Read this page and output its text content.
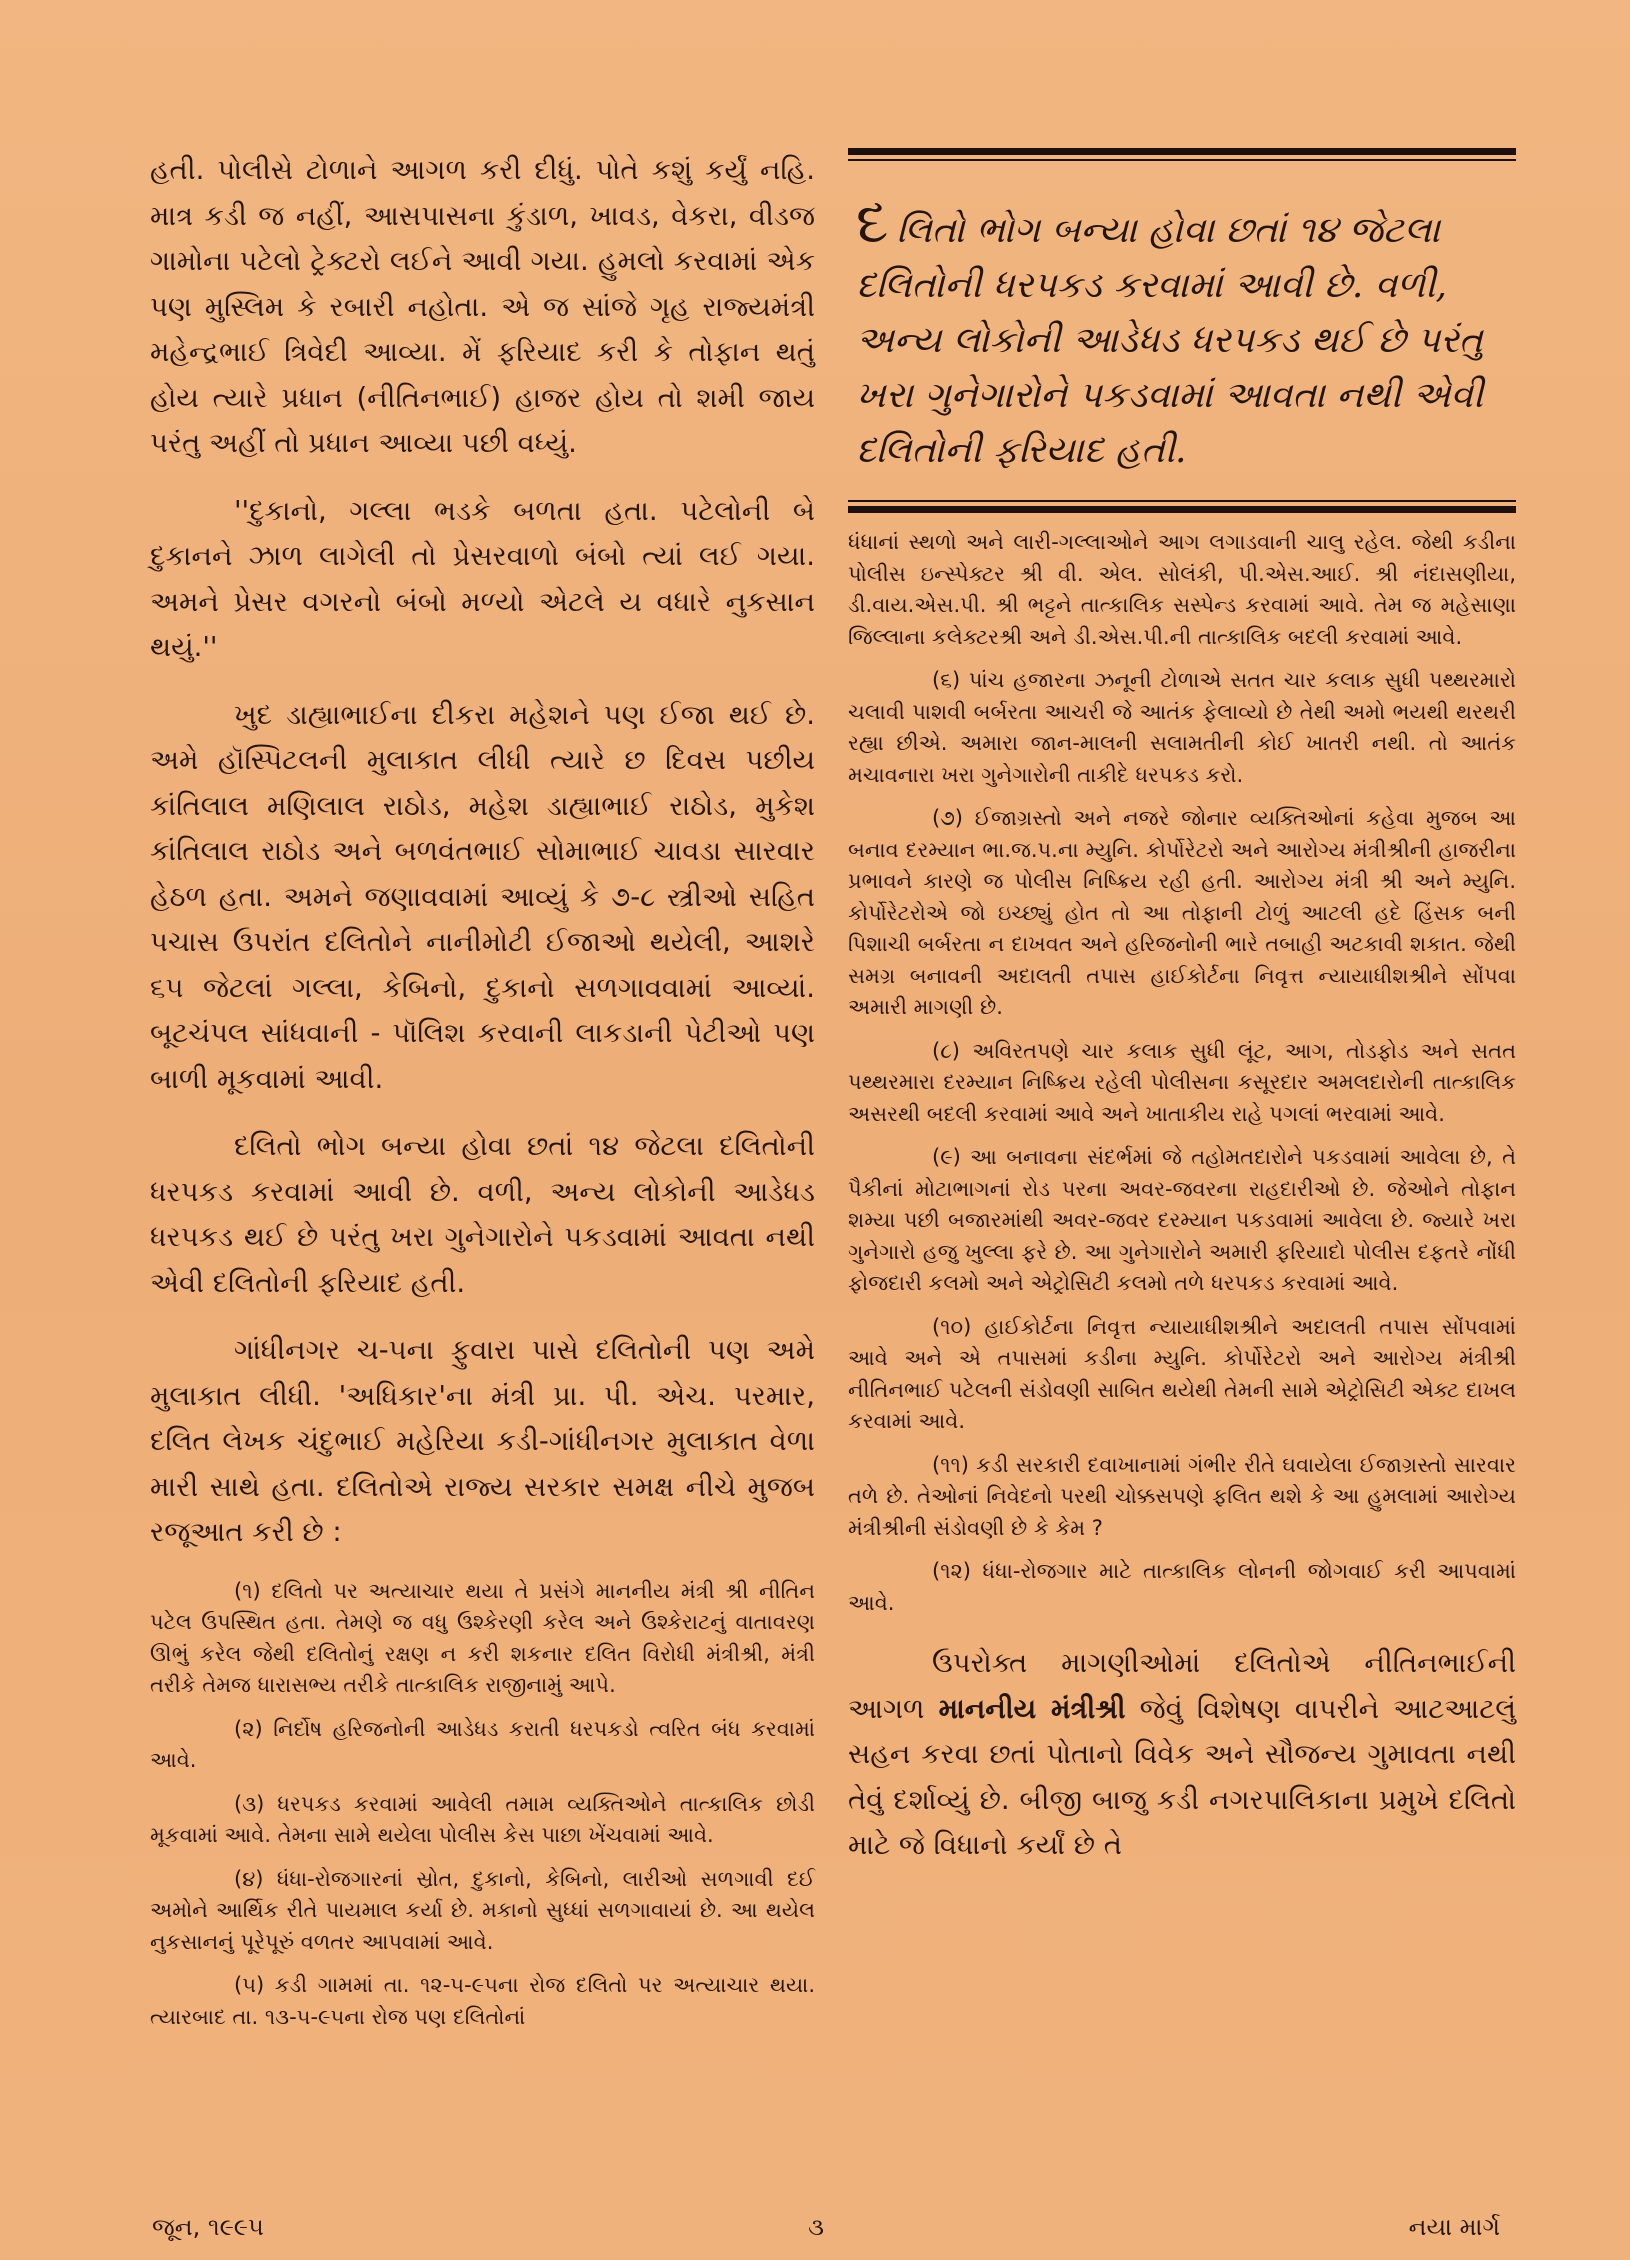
હતી. પોલીસે ટોળાને આગળ કરી દીધું. પોતે કશું કર્યું નહિ. માત્ર કડી જ નહીં, આસપાસના કુંડાળ, ખાવડ, વેકરા, વીડજ ગામોના પટેલો ટ્રેક્ટરો લઈને આવી ગયા. હુમલો કરવામાં એક પણ મુસ્લિમ કે રબારી નહોતા. એ જ સાંજે ગૃહ રાજ્યમંત્રી મહેન્દ્રભાઈ ત્રિવેદી આવ્યા. મેં ફરિયાદ કરી કે તોફાન થતું હોય ત્યારે પ્રધાન (નીતિનભાઈ) હાજર હોય તો શમી જાય પરંતુ અહીં તો પ્રધાન આવ્યા પછી વધ્યું.

''દુકાનો, ગલ્લા ભડકે બળતા હતા. પટેલોની બે દુકાનને ઝાળ લાગેલી તો પ્રેસરવાળો બંબો ત્યાં લઈ ગયા. અમને પ્રેસર વગરનો બંબો મળ્યો એટલે ય વધારે નુકસાન થયું.''

ખુદ ડાહ્યાભાઈના દીકરા મહેશને પણ ઈજા થઈ છે. અમે હૉસ્પિટલની મુલાકાત લીધી ત્યારે છ દિવસ પછીય કાંતિલાલ મણિલાલ રાઠોડ, મહેશ ડાહ્યાભાઈ રાઠોડ, મુકેશ કાંતિલાલ રાઠોડ અને બળવંતભાઈ સોમાભાઈ ચાવડા સારવાર હેઠળ હતા. અમને જણાવવામાં આવ્યું કે ૭-૮ સ્ત્રીઓ સહિત પચાસ ઉપરાંત દલિતોને નાનીમોટી ઈજાઓ થયેલી, આશરે ૬૫ જેટલાં ગલ્લા, કેબિનો, દુકાનો સળગાવવામાં આવ્યાં. બૂટચંપલ સાંધવાની - પૉલિશ કરવાની લાકડાની પેટીઓ પણ બાળી મૂકવામાં આવી.

દલિતો ભોગ બન્યા હોવા છતાં ૧૪ જેટલા દલિતોની ધરપકડ કરવામાં આવી છે. વળી, અન્ય લોકોની આડેધડ ધરપકડ થઈ છે પરંતુ ખરા ગુનેગારોને પકડવામાં આવતા નથી એવી દલિતોની ફરિયાદ હતી.

ગાંધીનગર ચ-૫ના ફુવારા પાસે દલિતોની પણ અમે મુલાકાત લીધી. 'અધિકાર'ના મંત્રી પ્રા. પી. એચ. પરમાર, દલિત લેખક ચંદુભાઈ મહેરિયા કડી-ગાંધીનગર મુલાકાત વેળા મારી સાથે હતા. દલિતોએ રાજ્ય સરકાર સમક્ષ નીચે મુજબ રજૂઆત કરી છે :

(૧) દલિતો પર અત્યાચાર થયા તે પ્રસંગે માનનીય મંત્રી શ્રી નીતિન પટેલ ઉપસ્થિત હતા. તેમણે જ વધુ ઉશ્કેરણી કરેલ અને ઉશ્કેરાટનું વાતાવરણ ઊભું કરેલ જેથી દલિતોનું રક્ષણ ન કરી શકનાર દલિત વિરોધી મંત્રીશ્રી, મંત્રી તરીકે તેમજ ધારાસભ્ય તરીકે તાત્કાલિક રાજીનામું આપે.

(૨) નિર્દોષ હરિજનોની આડેધડ કરાતી ધરપકડો ત્વરિત બંધ કરવામાં આવે.

(૩) ધરપકડ કરવામાં આવેલી તમામ વ્યક્તિઓને તાત્કાલિક છોડી મૂકવામાં આવે. તેમના સામે થયેલા પોલીસ કેસ પાછા ખેંચવામાં આવે.

(૪) ધંધા-રોજગારનાં સ્રોત, દુકાનો, કેબિનો, લારીઓ સળગાવી દઈ અમોને આર્થિક રીતે પાયમાલ કર્યા છે. મકાનો સુધ્ધાં સળગાવાયાં છે. આ થયેલ નુકસાનનું પૂરેપૂરું વળતર આપવામાં આવે.

(૫) કડી ગામમાં તા. ૧૨-૫-૯૫ના રોજ દલિતો પર અત્યાચાર થયા. ત્યારબાદ તા. ૧૩-૫-૯૫ના રોજ પણ દલિતોનાં

દલિતો ભોગ બન્યા હોવા છતાં ૧૪ જેટલા દલિતોની ધરપકડ કરવામાં આવી છે. વળી, અન્ય લોકોની આડેધડ ધરપકડ થઈ છે પરંતુ ખરા ગુનેગારોને પકડવામાં આવતા નથી એવી દલિતોની ફરિયાદ હતી.

ધંધાનાં સ્થળો અને લારી-ગલ્લાઓને આગ લગાડવાની ચાલુ રહેલ. જેથી કડીના પોલીસ ઇન્સ્પેક્ટર શ્રી વી. એલ. સોલંકી, પી.એસ.આઈ. શ્રી નંદાસણીયા, ડી.વાય.એસ.પી. શ્રી ભટ્ટને તાત્કાલિક સસ્પેન્ડ કરવામાં આવે. તેમ જ મહેસાણા જિલ્લાના કલેક્ટરશ્રી અને ડી.એસ.પી.ની તાત્કાલિક બદલી કરવામાં આવે.

(૬) પાંચ હજારના ઝનૂની ટોળાએ સતત ચાર કલાક સુધી પથ્થરમારો ચલાવી પાશવી બર્બરતા આચરી જે આતંક ફેલાવ્યો છે તેથી અમો ભયથી થરથરી રહ્યા છીએ. અમારા જાન-માલની સલામતીની કોઈ ખાતરી નથી. તો આતંક મચાવનારા ખરા ગુનેગારોની તાકીદે ધરપકડ કરો.

(૭) ઈજાગ્રસ્તો અને નજરે જોનાર વ્યક્તિઓનાં કહેવા મુજબ આ બનાવ દરમ્યાન ભા.જ.પ.ના મ્યુનિ. કોર્પોરેટરો અને આરોગ્ય મંત્રીશ્રીની હાજરીના પ્રભાવને કારણે જ પોલીસ નિષ્ક્રિય રહી હતી. આરોગ્ય મંત્રી શ્રી અને મ્યુનિ. કોર્પોરેટરોએ જો ઇચ્છ્યું હોત તો આ તોફાની ટોળું આટલી હદે હિંસક બની પિશાચી બર્બરતા ન દાખવત અને હરિજનોની ભારે તબાહી અટકાવી શકાત. જેથી સમગ્ર બનાવની અદાલતી તપાસ હાઈકોર્ટના નિવૃત્ત ન્યાયાધીશશ્રીને સોંપવા અમારી માગણી છે.

(૮) અવિરતપણે ચાર કલાક સુધી લૂંટ, આગ, તોડફોડ અને સતત પથ્થરમારા દરમ્યાન નિષ્ક્રિય રહેલી પોલીસના કસૂરદાર અમલદારોની તાત્કાલિક અસરથી બદલી કરવામાં આવે અને ખાતાકીય રાહે પગલાં ભરવામાં આવે.

(૯) આ બનાવના સંદર્ભમાં જે તહોમતદારોને પકડવામાં આવેલા છે, તે પૈકીનાં મોટાભાગનાં રોડ પરના અવર-જવરના રાહદારીઓ છે. જેઓને તોફાન શમ્યા પછી બજારમાંથી અવર-જવર દરમ્યાન પકડવામાં આવેલા છે. જ્યારે ખરા ગુનેગારો હજુ ખુલ્લા ફરે છે. આ ગુનેગારોને અમારી ફરિયાદો પોલીસ દફતરે નોંધી ફોજદારી કલમો અને એટ્રોસિટી કલમો તળે ધરપકડ કરવામાં આવે.

(૧૦) હાઈકોર્ટના નિવૃત્ત ન્યાયાધીશશ્રીને અદાલતી તપાસ સોંપવામાં આવે અને એ તપાસમાં કડીના મ્યુનિ. કોર્પોરેટરો અને આરોગ્ય મંત્રીશ્રી નીતિનભાઈ પટેલની સંડોવણી સાબિત થયેથી તેમની સામે એટ્રોસિટી એક્ટ દાખલ કરવામાં આવે.

(૧૧) કડી સરકારી દવાખાનામાં ગંભીર રીતે ઘવાયેલા ઈજાગ્રસ્તો સારવાર તળે છે. તેઓનાં નિવેદનો પરથી ચોક્કસપણે ફલિત થશે કે આ હુમલામાં આરોગ્ય મંત્રીશ્રીની સંડોવણી છે કે કેમ ?

(૧૨) ધંધા-રોજગાર માટે તાત્કાલિક લોનની જોગવાઈ કરી આપવામાં આવે.

ઉપરોક્ત માગણીઓમાં દલિતોએ નીતિનભાઈની આગળ માનનીય મંત્રીશ્રી જેવું વિશેષણ વાપરીને આટઆટલું સહન કરવા છતાં પોતાનો વિવેક અને સૌજન્ય ગુમાવતા નથી તેવું દર્શાવ્યું છે. બીજી બાજુ કડી નગરપાલિકાના પ્રમુખે દલિતો માટે જે વિધાનો કર્યાં છે તે

જૂન, ૧૯૯૫	૩	નયા માર્ગ
